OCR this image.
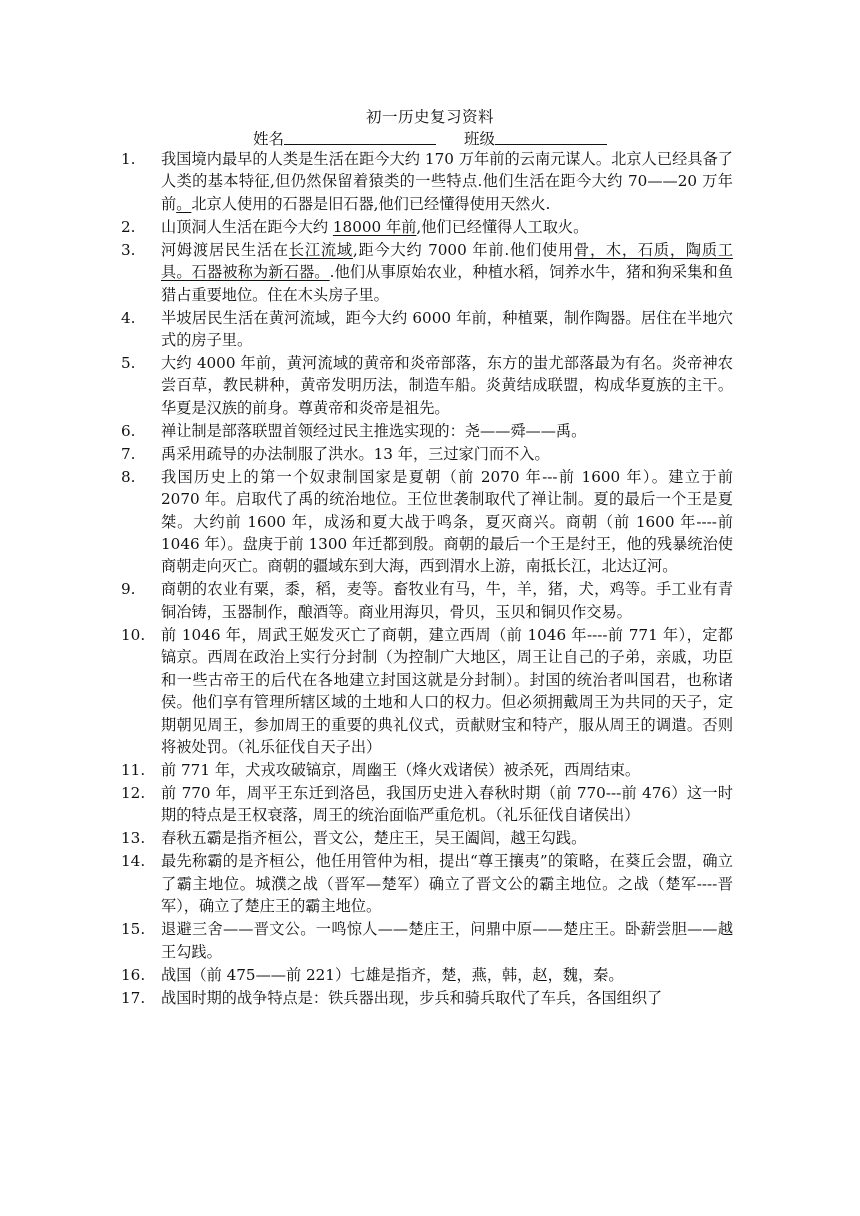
初一历史复习资料
姓名	班级
1.	我国境内最早的人类是生活在距今大约 170 万年前的云南元谋人。北京人已经具备了人类的基本特征,但仍然保留着猿类的一些特点.他们生活在距今大约 70——20 万年前。北京人使用的石器是旧石器,他们已经懂得使用天然火.
2.	山顶洞人生活在距今大约 18000 年前,他们已经懂得人工取火。
3.	河姆渡居民生活在长江流域,距今大约 7000 年前.他们使用骨，木，石质，陶质工具。石器被称为新石器。.他们从事原始农业，种植水稻，饲养水牛，猪和狗采集和鱼猎占重要地位。住在木头房子里。
4.	半坡居民生活在黄河流域，距今大约 6000 年前，种植粟，制作陶器。居住在半地穴式的房子里。
5.	大约 4000 年前，黄河流域的黄帝和炎帝部落，东方的蚩尤部落最为有名。炎帝神农尝百草，教民耕种，黄帝发明历法，制造车船。炎黄结成联盟，构成华夏族的主干。华夏是汉族的前身。尊黄帝和炎帝是祖先。
6.	禅让制是部落联盟首领经过民主推选实现的：尧——舜——禹。
7.	禹采用疏导的办法制服了洪水。13 年，三过家门而不入。
8.	我国历史上的第一个奴隶制国家是夏朝（前 2070 年---前 1600 年）。建立于前 2070 年。启取代了禹的统治地位。王位世袭制取代了禅让制。夏的最后一个王是夏桀。大约前 1600 年，成汤和夏大战于鸣条，夏灭商兴。商朝（前 1600 年----前 1046 年）。盘庚于前 1300 年迁都到殷。商朝的最后一个王是纣王，他的残暴统治使商朝走向灭亡。商朝的疆域东到大海，西到渭水上游，南抵长江，北达辽河。
9.	商朝的农业有粟，黍，稻，麦等。畜牧业有马，牛，羊，猪，犬，鸡等。手工业有青铜冶铸，玉器制作，酿酒等。商业用海贝，骨贝，玉贝和铜贝作交易。
10.	前 1046 年，周武王姬发灭亡了商朝，建立西周（前 1046 年----前 771 年），定都镐京。西周在政治上实行分封制（为控制广大地区，周王让自己的子弟，亲戚，功臣和一些古帝王的后代在各地建立封国这就是分封制）。封国的统治者叫国君，也称诸侯。他们享有管理所辖区域的土地和人口的权力。但必须拥戴周王为共同的天子，定期朝见周王，参加周王的重要的典礼仪式，贡献财宝和特产，服从周王的调遣。否则将被处罚。（礼乐征伐自天子出）
11.	前 771 年，犬戎攻破镐京，周幽王（烽火戏诸侯）被杀死，西周结束。
12.	前 770 年，周平王东迁到洛邑，我国历史进入春秋时期（前 770---前 476）这一时期的特点是王权衰落，周王的统治面临严重危机。（礼乐征伐自诸侯出）
13.	春秋五霸是指齐桓公，晋文公，楚庄王，吴王阖闾，越王勾践。
14.	最先称霸的是齐桓公，他任用管仲为相，提出“尊王攘夷”的策略，在葵丘会盟，确立了霸主地位。城濮之战（晋军—楚军）确立了晋文公的霸主地位。之战（楚军----晋军），确立了楚庄王的霸主地位。
15.	退避三舍——晋文公。一鸣惊人——楚庄王，问鼎中原——楚庄王。卧薪尝胆——越王勾践。
16.	战国（前 475——前 221）七雄是指齐，楚，燕，韩，赵，魏，秦。
17.	战国时期的战争特点是：铁兵器出现，步兵和骑兵取代了车兵，各国组织了
